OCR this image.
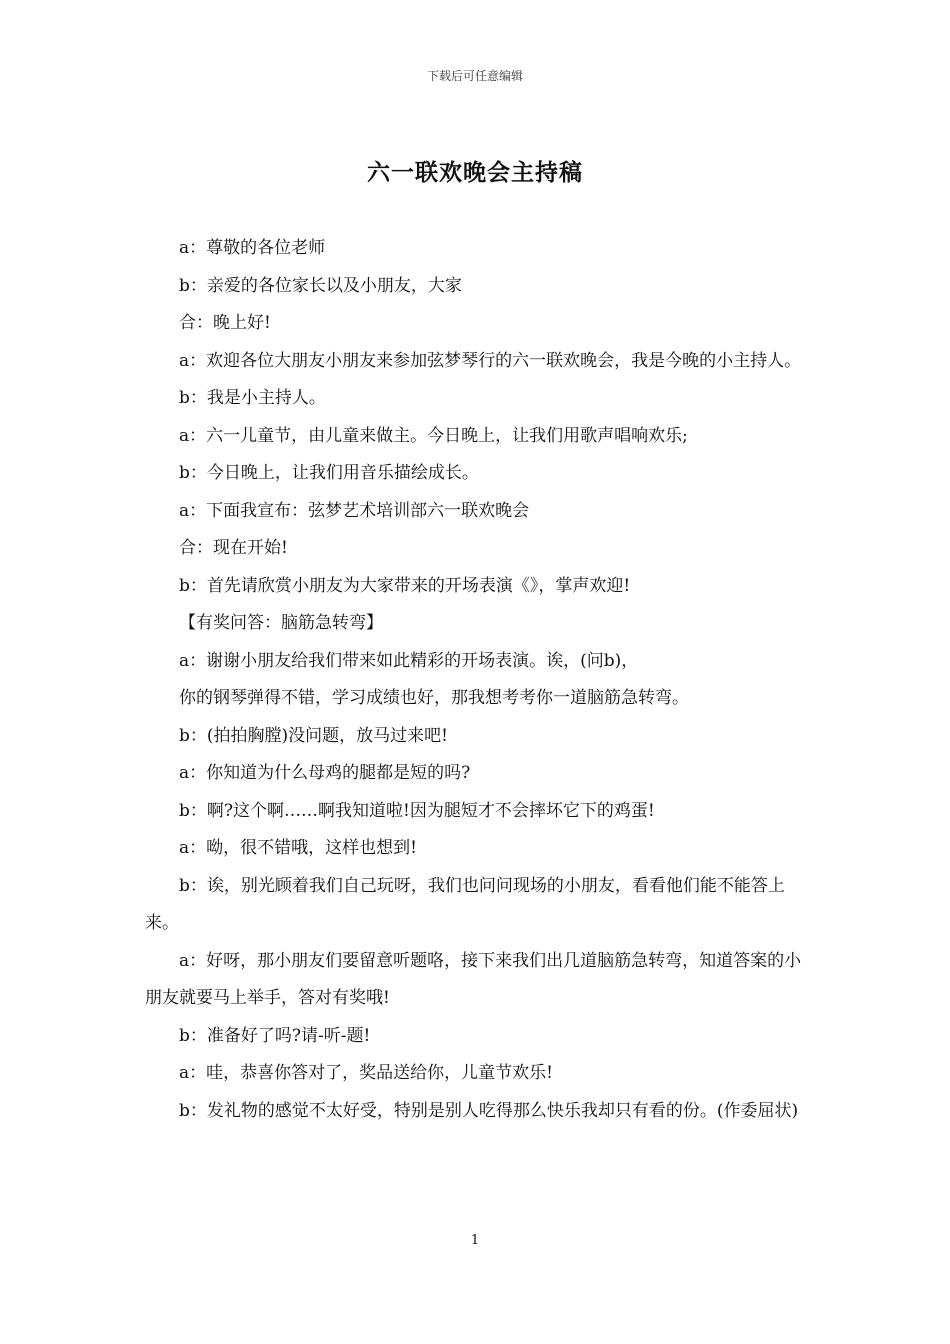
下载后可任意编辑
六一联欢晚会主持稿

a：尊敬的各位老师

b：亲爱的各位家长以及小朋友，大家

合：晚上好!

a：欢迎各位大朋友小朋友来参加弦梦琴行的六一联欢晚会，我是今晚的小主持人。

b：我是小主持人。

a：六一儿童节，由儿童来做主。今日晚上，让我们用歌声唱响欢乐;

b：今日晚上，让我们用音乐描绘成长。

a：下面我宣布：弦梦艺术培训部六一联欢晚会

合：现在开始!

b：首先请欣赏小朋友为大家带来的开场表演《》，掌声欢迎!

【有奖问答：脑筋急转弯】

a：谢谢小朋友给我们带来如此精彩的开场表演。诶，(问b)，

你的钢琴弹得不错，学习成绩也好，那我想考考你一道脑筋急转弯。

b：(拍拍胸膛)没问题，放马过来吧!

a：你知道为什么母鸡的腿都是短的吗?

b：啊?这个啊……啊我知道啦!因为腿短才不会摔坏它下的鸡蛋!

a：呦，很不错哦，这样也想到!

b：诶，别光顾着我们自己玩呀，我们也问问现场的小朋友，看看他们能不能答上来。

a：好呀，那小朋友们要留意听题咯，接下来我们出几道脑筋急转弯，知道答案的小朋友就要马上举手，答对有奖哦!

b：准备好了吗?请-听-题!

a：哇，恭喜你答对了，奖品送给你，儿童节欢乐!

b：发礼物的感觉不太好受，特别是别人吃得那么快乐我却只有看的份。(作委屈状)

1
